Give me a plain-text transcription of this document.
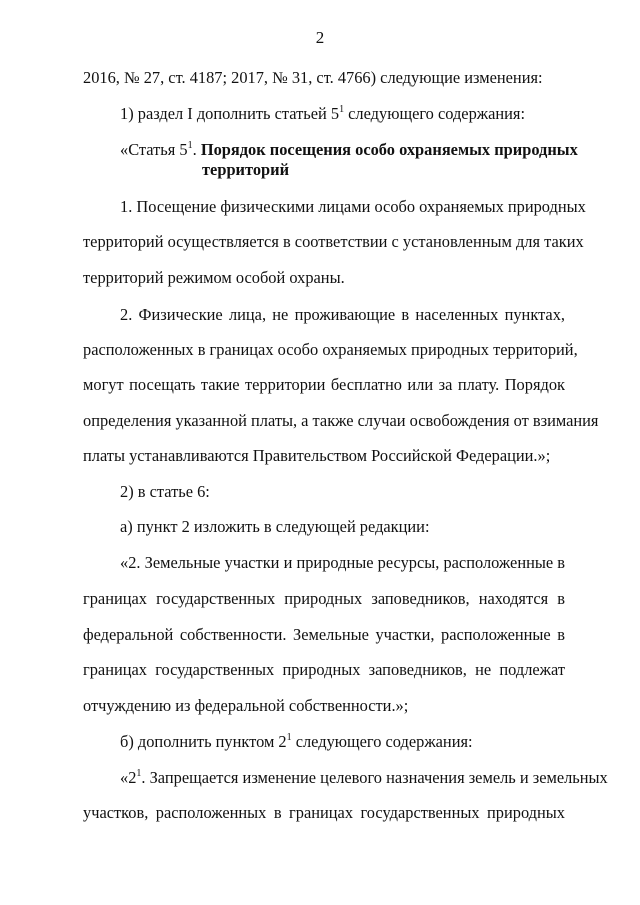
2
2016, № 27, ст. 4187; 2017, № 31, ст. 4766) следующие изменения:
1) раздел I дополнить статьей $5^1$ следующего содержания:
«Статья $5^1$. Порядок посещения особо охраняемых природных
территорий
1. Посещение физическими лицами особо охраняемых природных
территорий осуществляется в соответствии с установленным для таких
территорий режимом особой охраны.
2. Физические лица, не проживающие в населенных пунктах,
расположенных в границах особо охраняемых природных территорий,
могут посещать такие территории бесплатно или за плату. Порядок
определения указанной платы, а также случаи освобождения от взимания
платы устанавливаются Правительством Российской Федерации.»;
2) в статье 6:
а) пункт 2 изложить в следующей редакции:
«2. Земельные участки и природные ресурсы, расположенные в
границах государственных природных заповедников, находятся в
федеральной собственности. Земельные участки, расположенные в
границах государственных природных заповедников, не подлежат
отчуждению из федеральной собственности.»;
б) дополнить пунктом $2^1$ следующего содержания:
«$2^1$. Запрещается изменение целевого назначения земель и земельных
участков, расположенных в границах государственных природных
